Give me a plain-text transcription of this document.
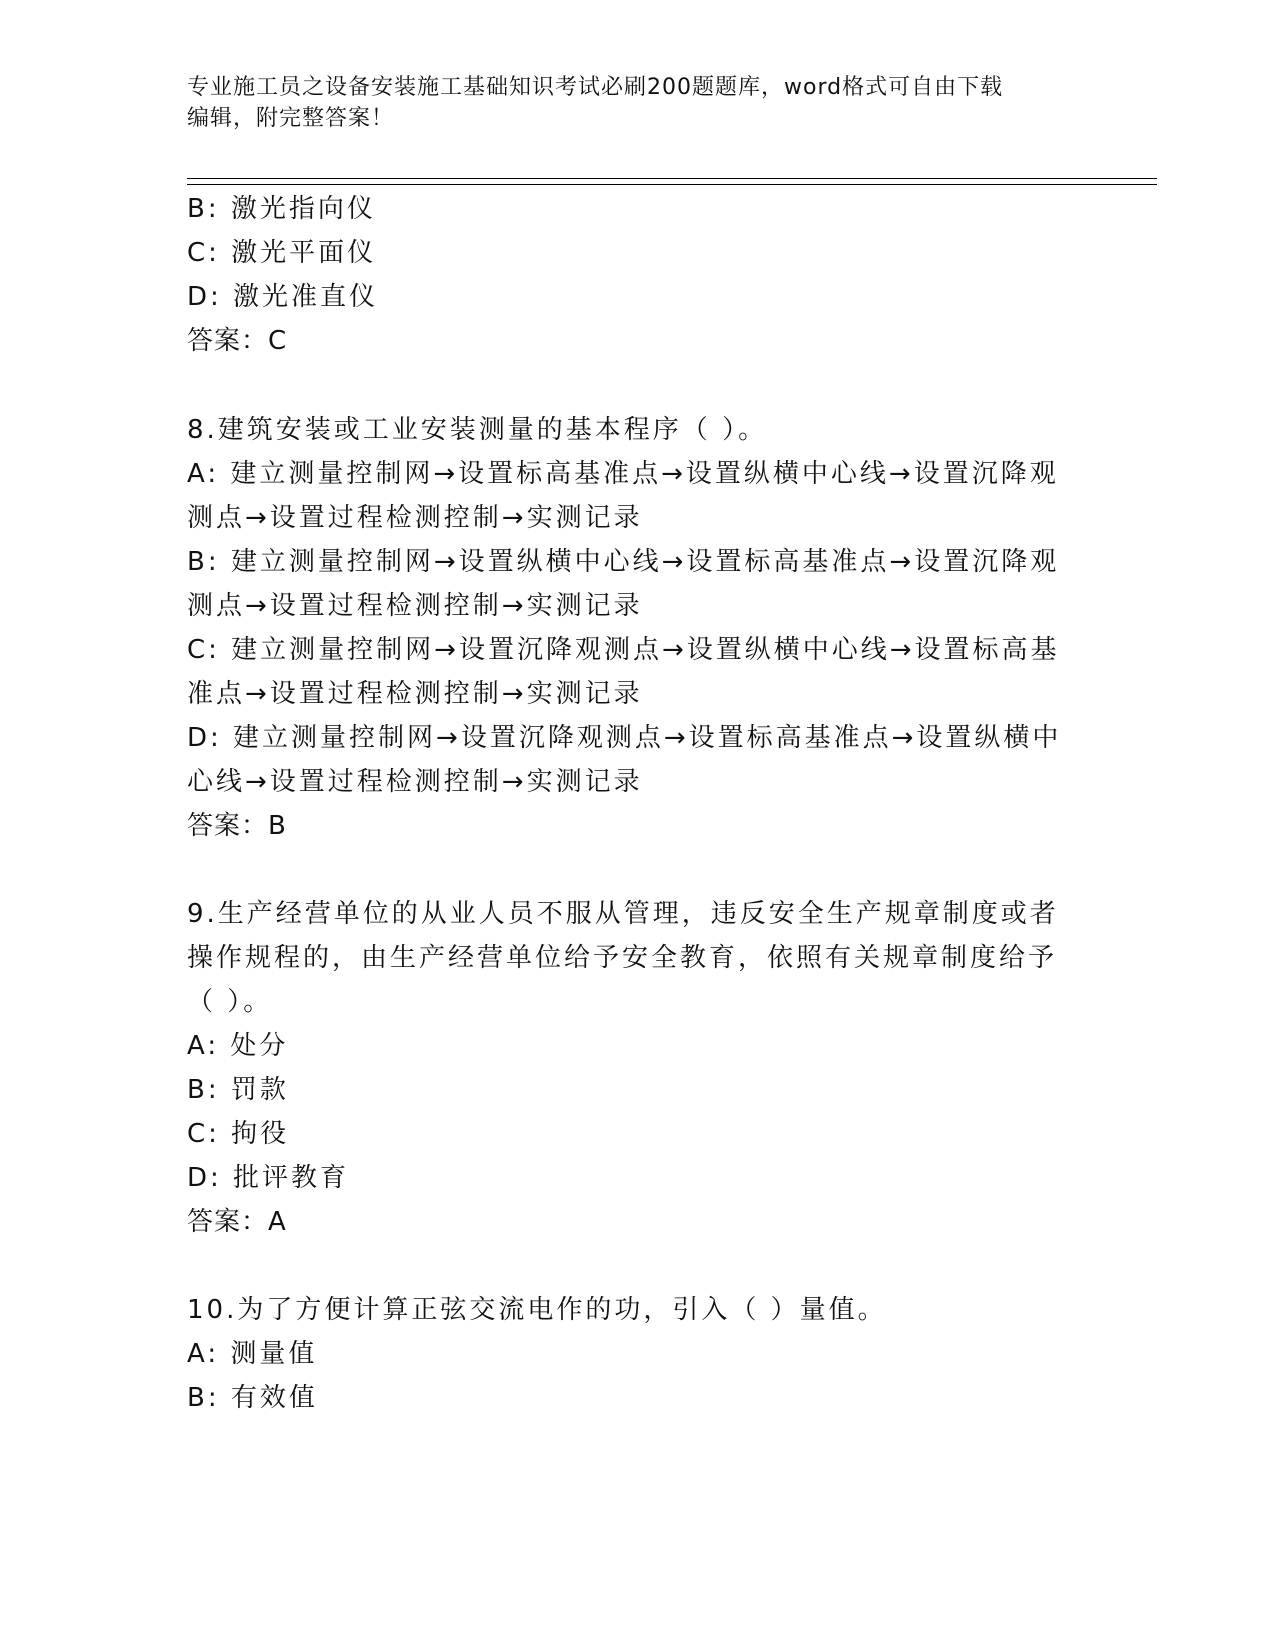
专业施工员之设备安装施工基础知识考试必刷200题题库，word格式可自由下载
编辑，附完整答案！
B: 激光指向仪
C: 激光平面仪
D: 激光准直仪
答案：C
8.建筑安装或工业安装测量的基本程序（ ）。
A: 建立测量控制网→设置标高基准点→设置纵横中心线→设置沉降观
测点→设置过程检测控制→实测记录
B: 建立测量控制网→设置纵横中心线→设置标高基准点→设置沉降观
测点→设置过程检测控制→实测记录
C: 建立测量控制网→设置沉降观测点→设置纵横中心线→设置标高基
准点→设置过程检测控制→实测记录
D: 建立测量控制网→设置沉降观测点→设置标高基准点→设置纵横中
心线→设置过程检测控制→实测记录
答案：B
9.生产经营单位的从业人员不服从管理，违反安全生产规章制度或者
操作规程的，由生产经营单位给予安全教育，依照有关规章制度给予
（ ）。
A: 处分
B: 罚款
C: 拘役
D: 批评教育
答案：A
10.为了方便计算正弦交流电作的功，引入（ ）量值。
A: 测量值
B: 有效值
